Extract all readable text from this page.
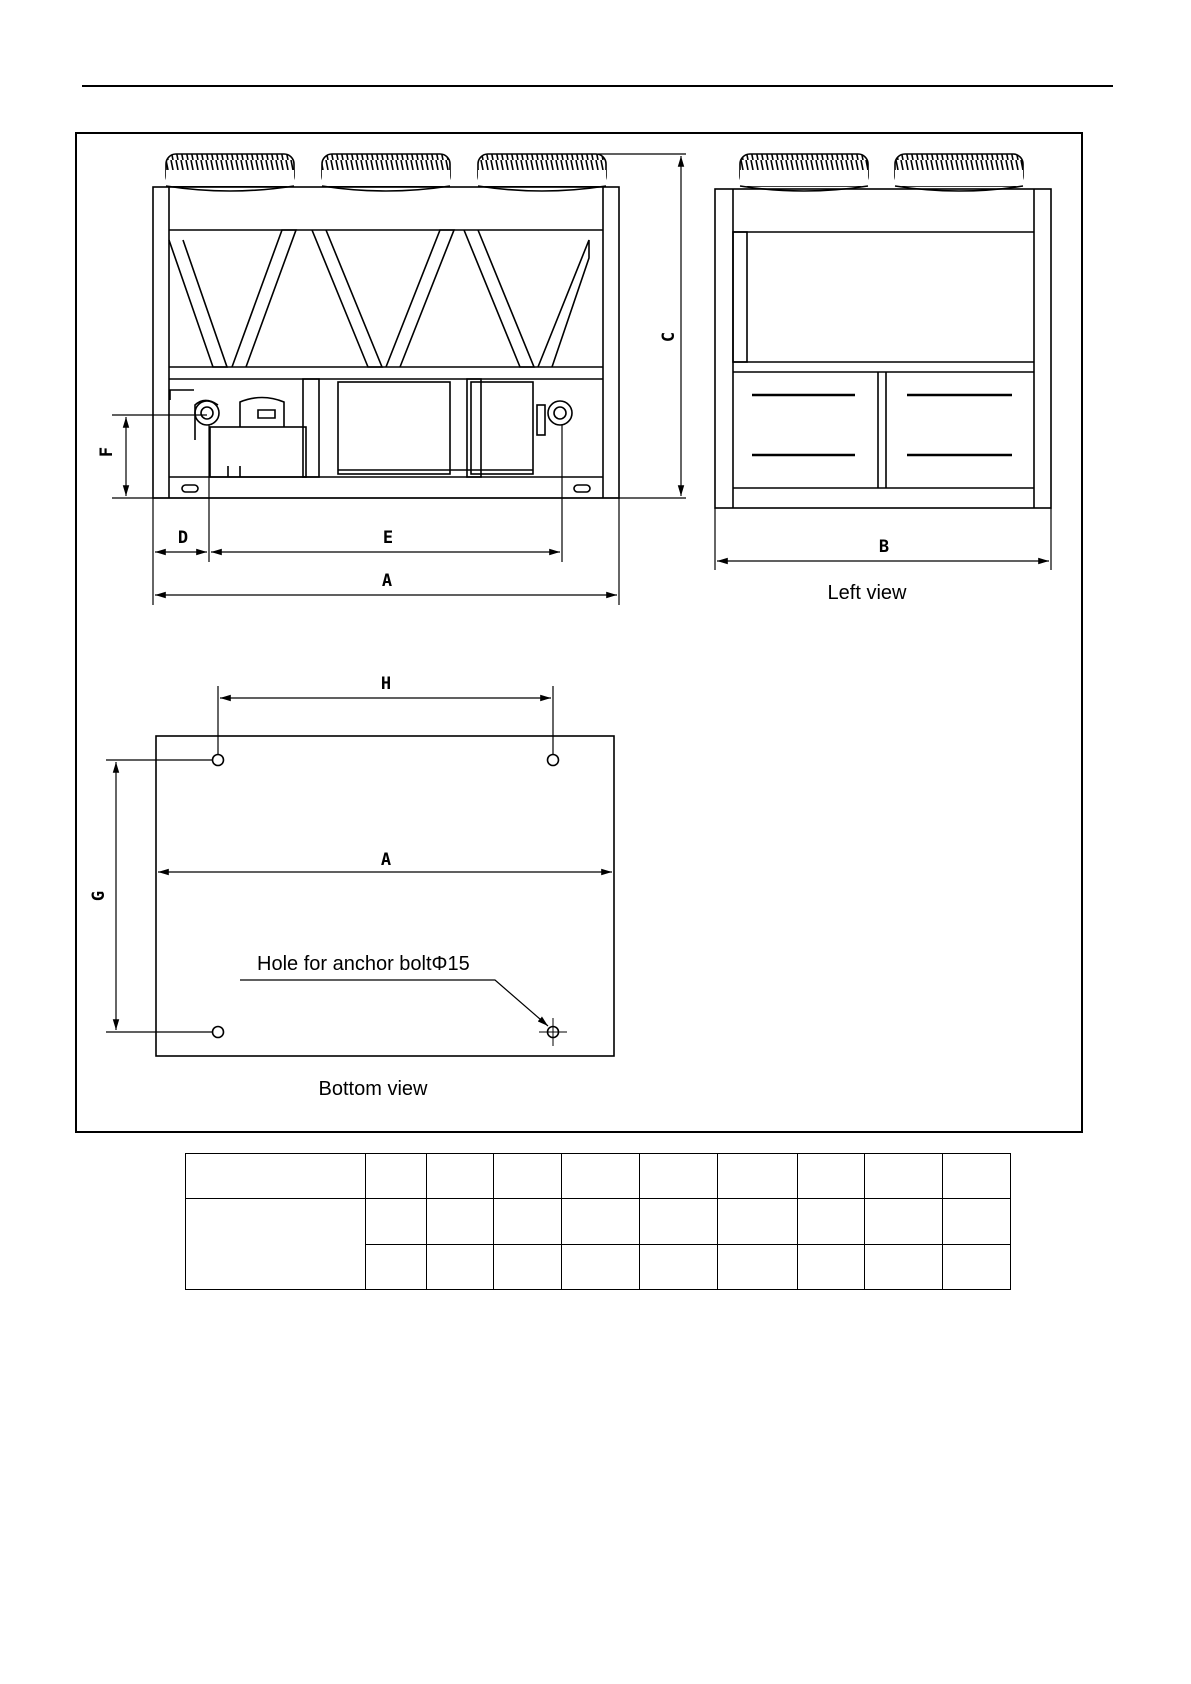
C
F
D	E
A
B
Left view
H
A
G
Hole for anchor boltΦ15
Bottom view
